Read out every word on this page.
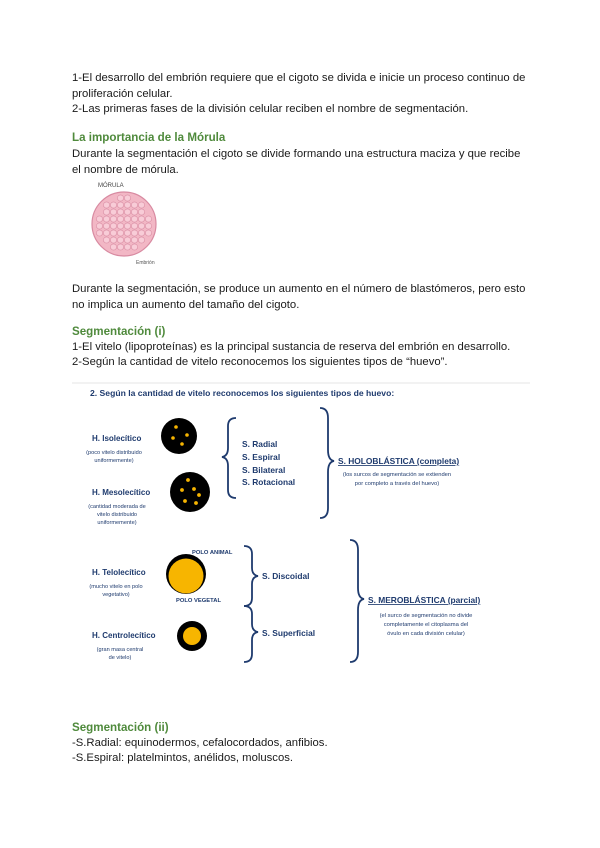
1-El desarrollo del embrión requiere que el cigoto se divida e inicie un proceso continuo de proliferación celular.

2-Las primeras fases de la división celular reciben el nombre de segmentación.

La importancia de la Mórula

Durante la segmentación el cigoto se divide formando una estructura maciza y que recibe el nombre de mórula.

MÓRULA
Embrión

Durante la segmentación, se produce un aumento en el número de blastómeros, pero esto no implica un aumento del tamaño del cigoto.

Segmentación (i)

1-El vitelo (lipoproteínas) es la principal sustancia de reserva del embrión en desarrollo.

2-Según la cantidad de vitelo reconocemos los siguientes tipos de “huevo”.

2. Según la cantidad de vitelo reconocemos los siguientes tipos de huevo:
H. Isolecítico
(poco vitelo distribuido
uniformemente)
H. Mesolecítico
(cantidad moderada de
vitelo distribuido
uniformemente)
S. Radial
S. Espiral
S. Bilateral
S. Rotacional
S. HOLOBLÁSTICA (completa)
(los surcos de segmentación se extienden
por completo a través del huevo)
POLO ANIMAL
H. Telolecítico
(mucho vitelo en polo
vegetativo)
POLO VEGETAL
H. Centrolecítico
(gran masa central
de vitelo)
S. Discoidal
S. Superficial
S. MEROBLÁSTICA (parcial)
(el surco de segmentación no divide
completamente el citoplasma del
óvulo en cada división celular)

Segmentación (ii)

-S.Radial: equinodermos, cefalocordados, anfibios.

-S.Espiral: platelmintos, anélidos, moluscos.
